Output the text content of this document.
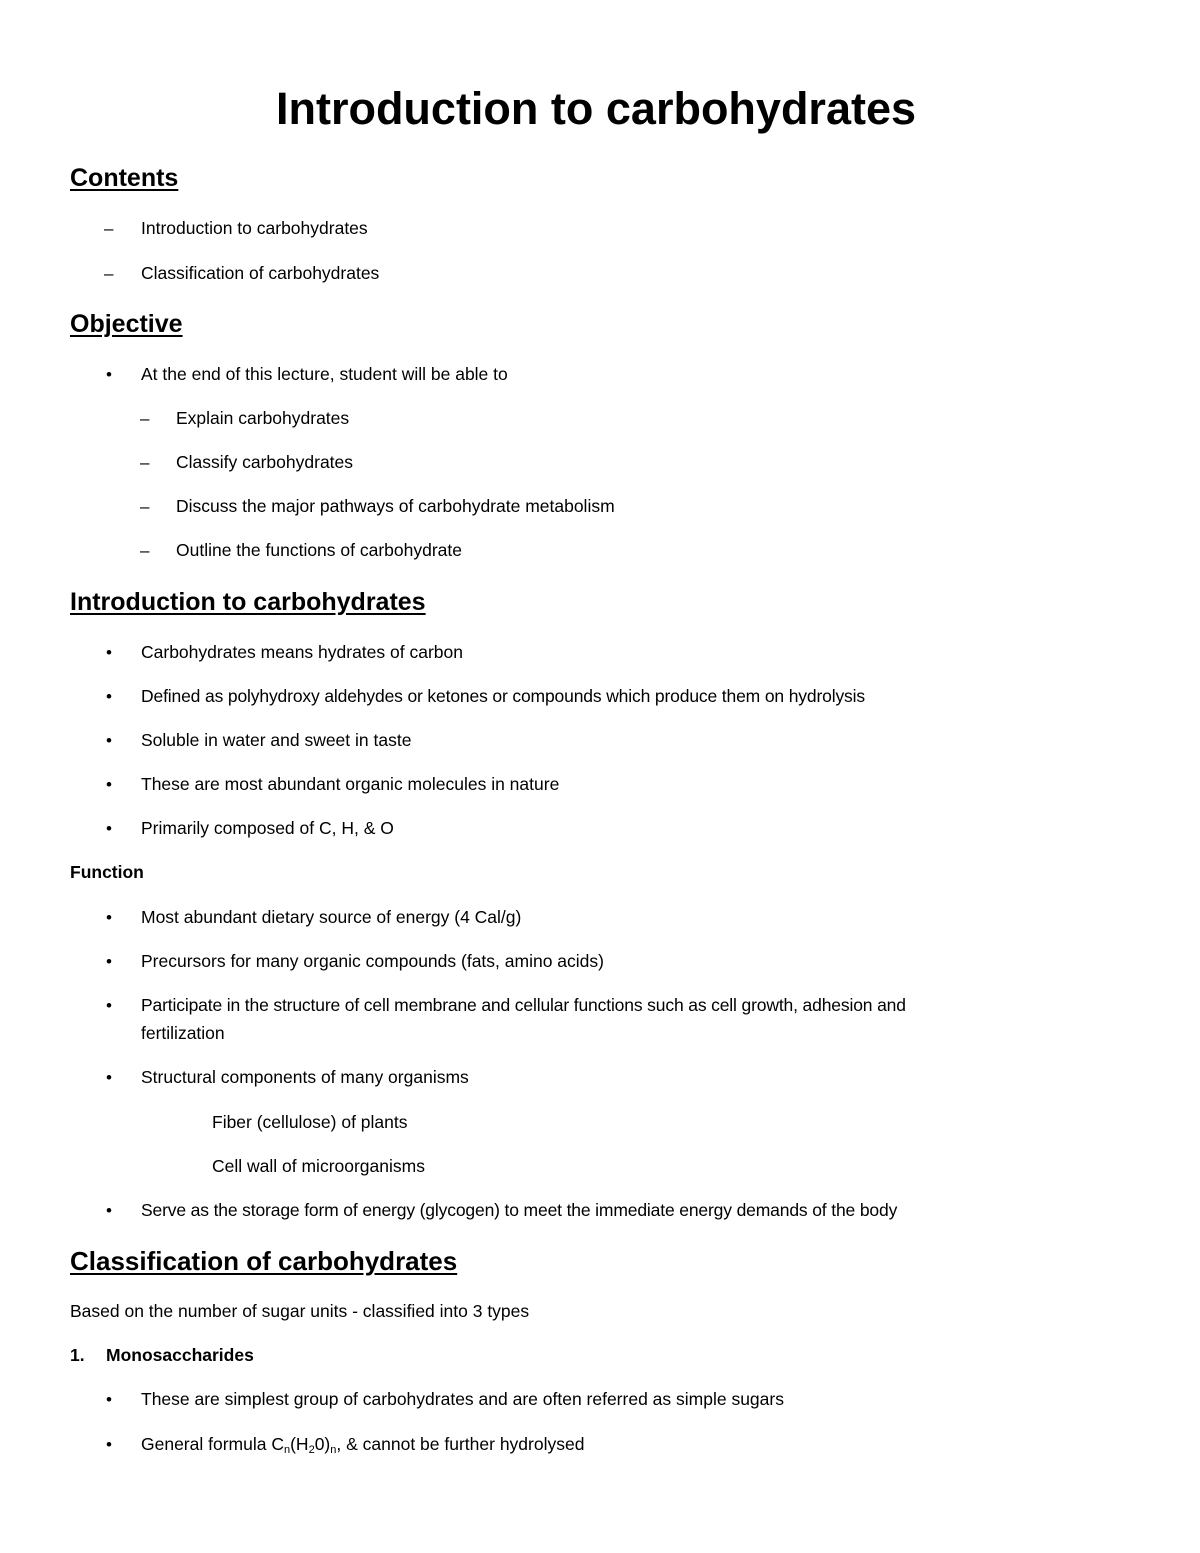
Introduction to carbohydrates
Contents
– Introduction to carbohydrates
– Classification of carbohydrates
Objective
• At the end of this lecture, student will be able to
– Explain carbohydrates
– Classify carbohydrates
– Discuss the major pathways of carbohydrate metabolism
– Outline the functions of carbohydrate
Introduction to carbohydrates
• Carbohydrates means hydrates of carbon
• Defined as polyhydroxy aldehydes or ketones or compounds which produce them on hydrolysis
• Soluble in water and sweet in taste
• These are most abundant organic molecules in nature
• Primarily composed of C, H, & O
Function
• Most abundant dietary source of energy (4 Cal/g)
• Precursors for many organic compounds (fats, amino acids)
• Participate in the structure of cell membrane and cellular functions such as cell growth, adhesion and
fertilization
• Structural components of many organisms
Fiber (cellulose) of plants
Cell wall of microorganisms
• Serve as the storage form of energy (glycogen) to meet the immediate energy demands of the body
Classification of carbohydrates
Based on the number of sugar units - classified into 3 types
1. Monosaccharides
• These are simplest group of carbohydrates and are often referred as simple sugars
• General formula $C_n(H_20)_n$, & cannot be further hydrolysed
